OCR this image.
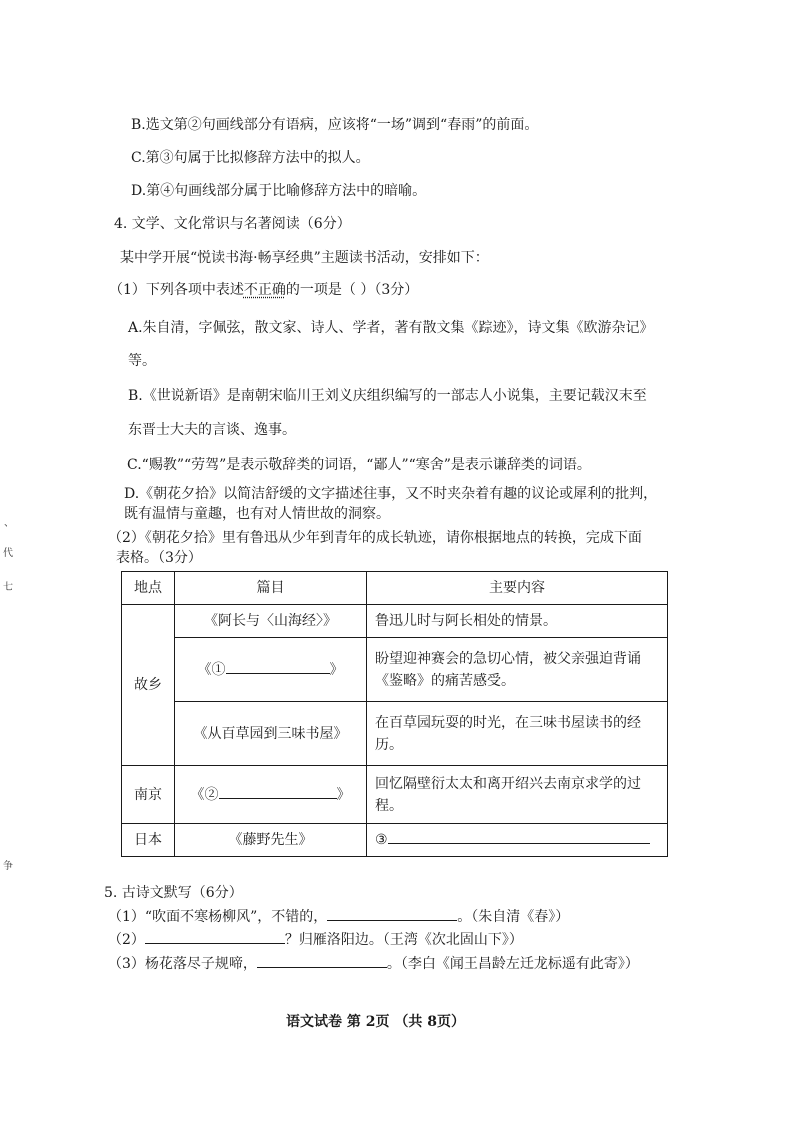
B.选文第②句画线部分有语病，应该将“一场”调到“春雨”的前面。
C.第③句属于比拟修辞方法中的拟人。
D.第④句画线部分属于比喻修辞方法中的暗喻。
4. 文学、文化常识与名著阅读（6分）
某中学开展“悦读书海·畅享经典”主题读书活动，安排如下：
（1）下列各项中表述不正确的一项是（ ）（3分）
A.朱自清，字佩弦，散文家、诗人、学者，著有散文集《踪迹》，诗文集《欧游杂记》
等。
B.《世说新语》是南朝宋临川王刘义庆组织编写的一部志人小说集，主要记载汉末至
东晋士大夫的言谈、逸事。
C.“赐教”“劳驾”是表示敬辞类的词语，“鄙人”“寒舍”是表示谦辞类的词语。
D.《朝花夕拾》以简洁舒缓的文字描述往事，又不时夹杂着有趣的议论或犀利的批判，
既有温情与童趣，也有对人情世故的洞察。
（2）《朝花夕拾》里有鲁迅从少年到青年的成长轨迹，请你根据地点的转换，完成下面
表格。（3分）
地点	篇目	主要内容
故乡	《阿长与〈山海经〉》	鲁迅儿时与阿长相处的情景。
	《① 》	盼望迎神赛会的急切心情，被父亲强迫背诵
《鉴略》的痛苦感受。

	《从百草园到三味书屋》	在百草园玩耍的时光，在三味书屋读书的经
历。

南京	《② 》	回忆隔壁衍太太和离开绍兴去南京求学的过
程。

日本	《藤野先生》	③
5. 古诗文默写（6分）
（1）“吹面不寒杨柳风”，不错的，	。（朱自清《春》）
（2）	？归雁洛阳边。（王湾《次北固山下》）
（3）杨花落尽子规啼，	。（李白《闻王昌龄左迁龙标遥有此寄》）
语文试卷 第 2页 （共 8页）
、
代
七
争
